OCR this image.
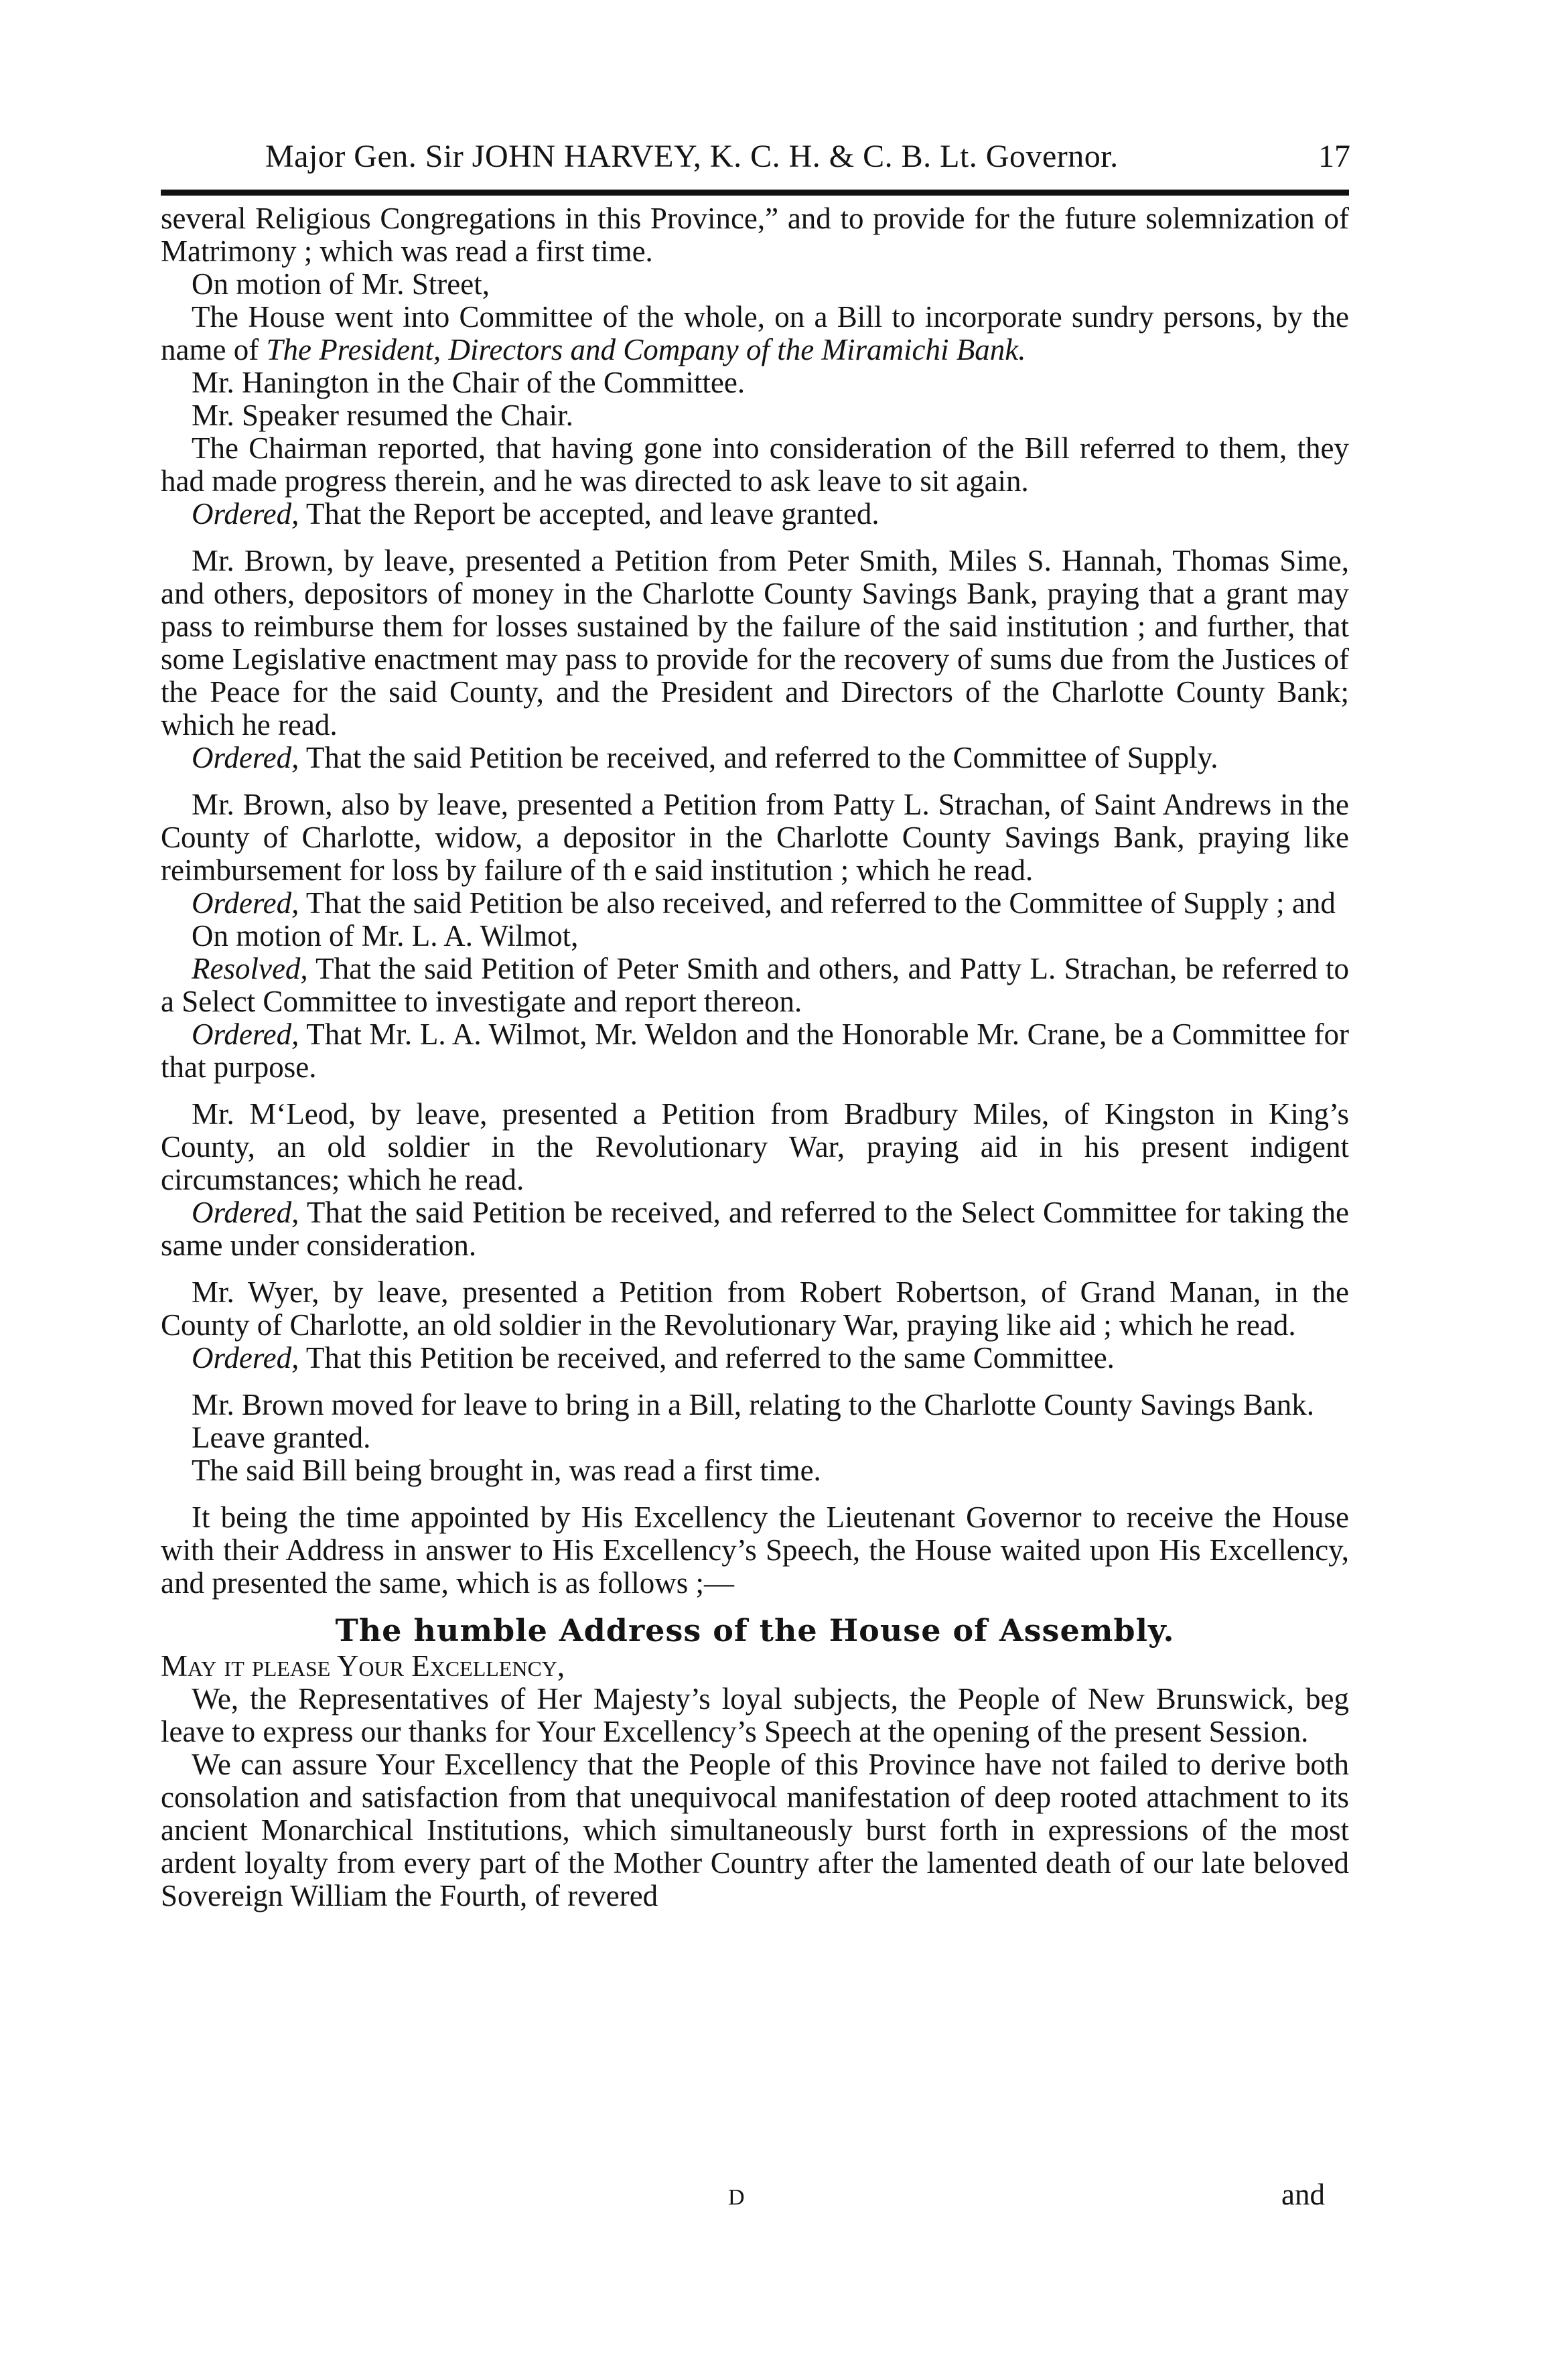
Major Gen. Sir JOHN HARVEY, K. C. H. & C. B. Lt. Governor.	17

several Religious Congregations in this Province,” and to provide for the future solemnization of Matrimony ; which was read a first time.

On motion of Mr. Street,

The House went into Committee of the whole, on a Bill to incorporate sundry persons, by the name of The President, Directors and Company of the Miramichi Bank.

Mr. Hanington in the Chair of the Committee.

Mr. Speaker resumed the Chair.

The Chairman reported, that having gone into consideration of the Bill referred to them, they had made progress therein, and he was directed to ask leave to sit again.

Ordered, That the Report be accepted, and leave granted.

Mr. Brown, by leave, presented a Petition from Peter Smith, Miles S. Hannah, Thomas Sime, and others, depositors of money in the Charlotte County Savings Bank, praying that a grant may pass to reimburse them for losses sustained by the failure of the said institution ; and further, that some Legislative enactment may pass to provide for the recovery of sums due from the Justices of the Peace for the said County, and the President and Directors of the Charlotte County Bank; which he read.

Ordered, That the said Petition be received, and referred to the Committee of Supply.

Mr. Brown, also by leave, presented a Petition from Patty L. Strachan, of Saint Andrews in the County of Charlotte, widow, a depositor in the Charlotte County Savings Bank, praying like reimbursement for loss by failure of th e said institution ; which he read.

Ordered, That the said Petition be also received, and referred to the Committee of Supply ; and

On motion of Mr. L. A. Wilmot,

Resolved, That the said Petition of Peter Smith and others, and Patty L. Strachan, be referred to a Select Committee to investigate and report thereon.

Ordered, That Mr. L. A. Wilmot, Mr. Weldon and the Honorable Mr. Crane, be a Committee for that purpose.

Mr. M‘Leod, by leave, presented a Petition from Bradbury Miles, of Kingston in King’s County, an old soldier in the Revolutionary War, praying aid in his present indigent circumstances; which he read.

Ordered, That the said Petition be received, and referred to the Select Committee for taking the same under consideration.

Mr. Wyer, by leave, presented a Petition from Robert Robertson, of Grand Manan, in the County of Charlotte, an old soldier in the Revolutionary War, praying like aid ; which he read.

Ordered, That this Petition be received, and referred to the same Committee.

Mr. Brown moved for leave to bring in a Bill, relating to the Charlotte County Savings Bank.

Leave granted.

The said Bill being brought in, was read a first time.

It being the time appointed by His Excellency the Lieutenant Governor to receive the House with their Address in answer to His Excellency’s Speech, the House waited upon His Excellency, and presented the same, which is as follows ;—

The humble Address of the House of Assembly.

May it please Your Excellency,

We, the Representatives of Her Majesty’s loyal subjects, the People of New Brunswick, beg leave to express our thanks for Your Excellency’s Speech at the opening of the present Session.

We can assure Your Excellency that the People of this Province have not failed to derive both consolation and satisfaction from that unequivocal manifestation of deep rooted attachment to its ancient Monarchical Institutions, which simultaneously burst forth in expressions of the most ardent loyalty from every part of the Mother Country after the lamented death of our late beloved Sovereign William the Fourth, of revered

D	and
